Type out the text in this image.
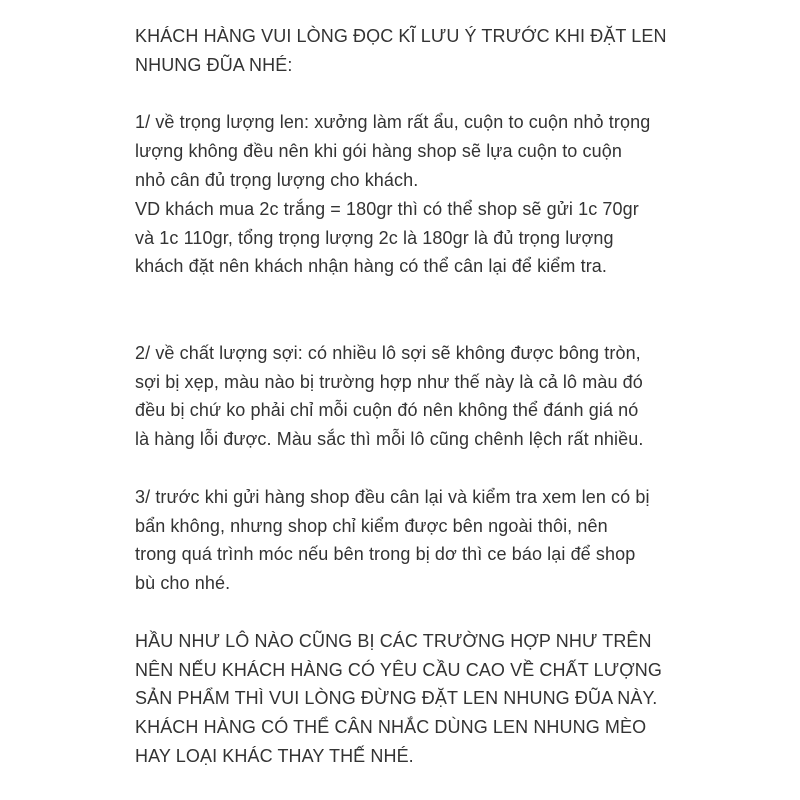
KHÁCH HÀNG VUI LÒNG ĐỌC KĨ LƯU Ý TRƯỚC KHI ĐẶT LEN
NHUNG ĐŨA NHÉ:
1/ về trọng lượng len: xưởng làm rất ẩu, cuộn to cuộn nhỏ trọng
lượng không đều nên khi gói hàng shop sẽ lựa cuộn to cuộn
nhỏ cân đủ trọng lượng cho khách.
VD khách mua 2c trắng = 180gr thì có thể shop sẽ gửi 1c 70gr
và 1c 110gr, tổng trọng lượng 2c là 180gr là đủ trọng lượng
khách đặt nên khách nhận hàng có thể cân lại để kiểm tra.
2/ về chất lượng sợi: có nhiều lô sợi sẽ không được bông tròn,
sợi bị xẹp, màu nào bị trường hợp như thế này là cả lô màu đó
đều bị chứ ko phải chỉ mỗi cuộn đó nên không thể đánh giá nó
là hàng lỗi được. Màu sắc thì mỗi lô cũng chênh lệch rất nhiều.
3/ trước khi gửi hàng shop đều cân lại và kiểm tra xem len có bị
bẩn không, nhưng shop chỉ kiểm được bên ngoài thôi, nên
trong quá trình móc nếu bên trong bị dơ thì ce báo lại để shop
bù cho nhé.
HẦU NHƯ LÔ NÀO CŨNG BỊ CÁC TRƯỜNG HỢP NHƯ TRÊN
NÊN NẾU KHÁCH HÀNG CÓ YÊU CẦU CAO VỀ CHẤT LƯỢNG
SẢN PHẨM THÌ VUI LÒNG ĐỪNG ĐẶT LEN NHUNG ĐŨA NÀY.
KHÁCH HÀNG CÓ THỂ CÂN NHẮC DÙNG LEN NHUNG MÈO
HAY LOẠI KHÁC THAY THẾ NHÉ.
